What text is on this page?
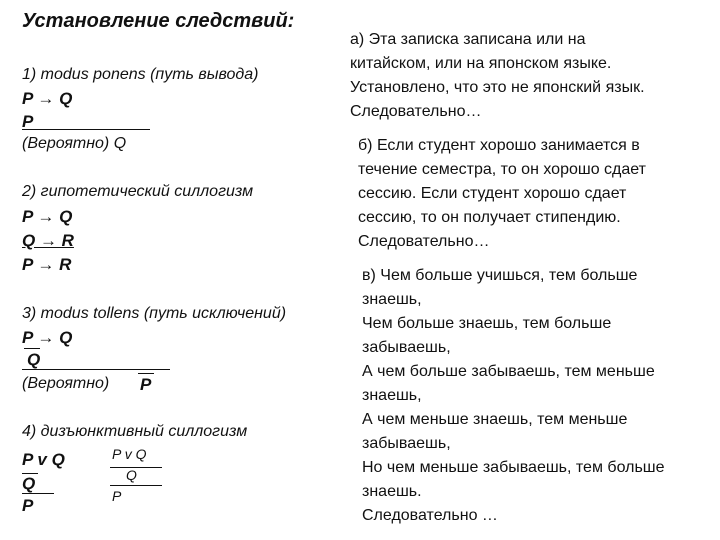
Установление следствий:
1) modus ponens (путь вывода)
P → Q
P
(Вероятно) Q
2) гипотетический силлогизм
P → Q
Q → R
P → R
3) modus tollens (путь исключений)
P → Q
Q
(Вероятно) P
4) дизъюнктивный силлогизм
P v Q
Q
P
P v Q
Q
P
а) Эта записка записана или на
китайском, или на японском языке.
Установлено, что это не японский язык.
Следовательно…
б) Если студент хорошо занимается в
течение семестра, то он хорошо сдает
сессию. Если студент хорошо сдает
сессию, то он получает стипендию.
Следовательно…
в) Чем больше учишься, тем больше
знаешь,
Чем больше знаешь, тем больше
забываешь,
А чем больше забываешь, тем меньше
знаешь,
А чем меньше знаешь, тем меньше
забываешь,
Но чем меньше забываешь, тем больше
знаешь.
Следовательно …
